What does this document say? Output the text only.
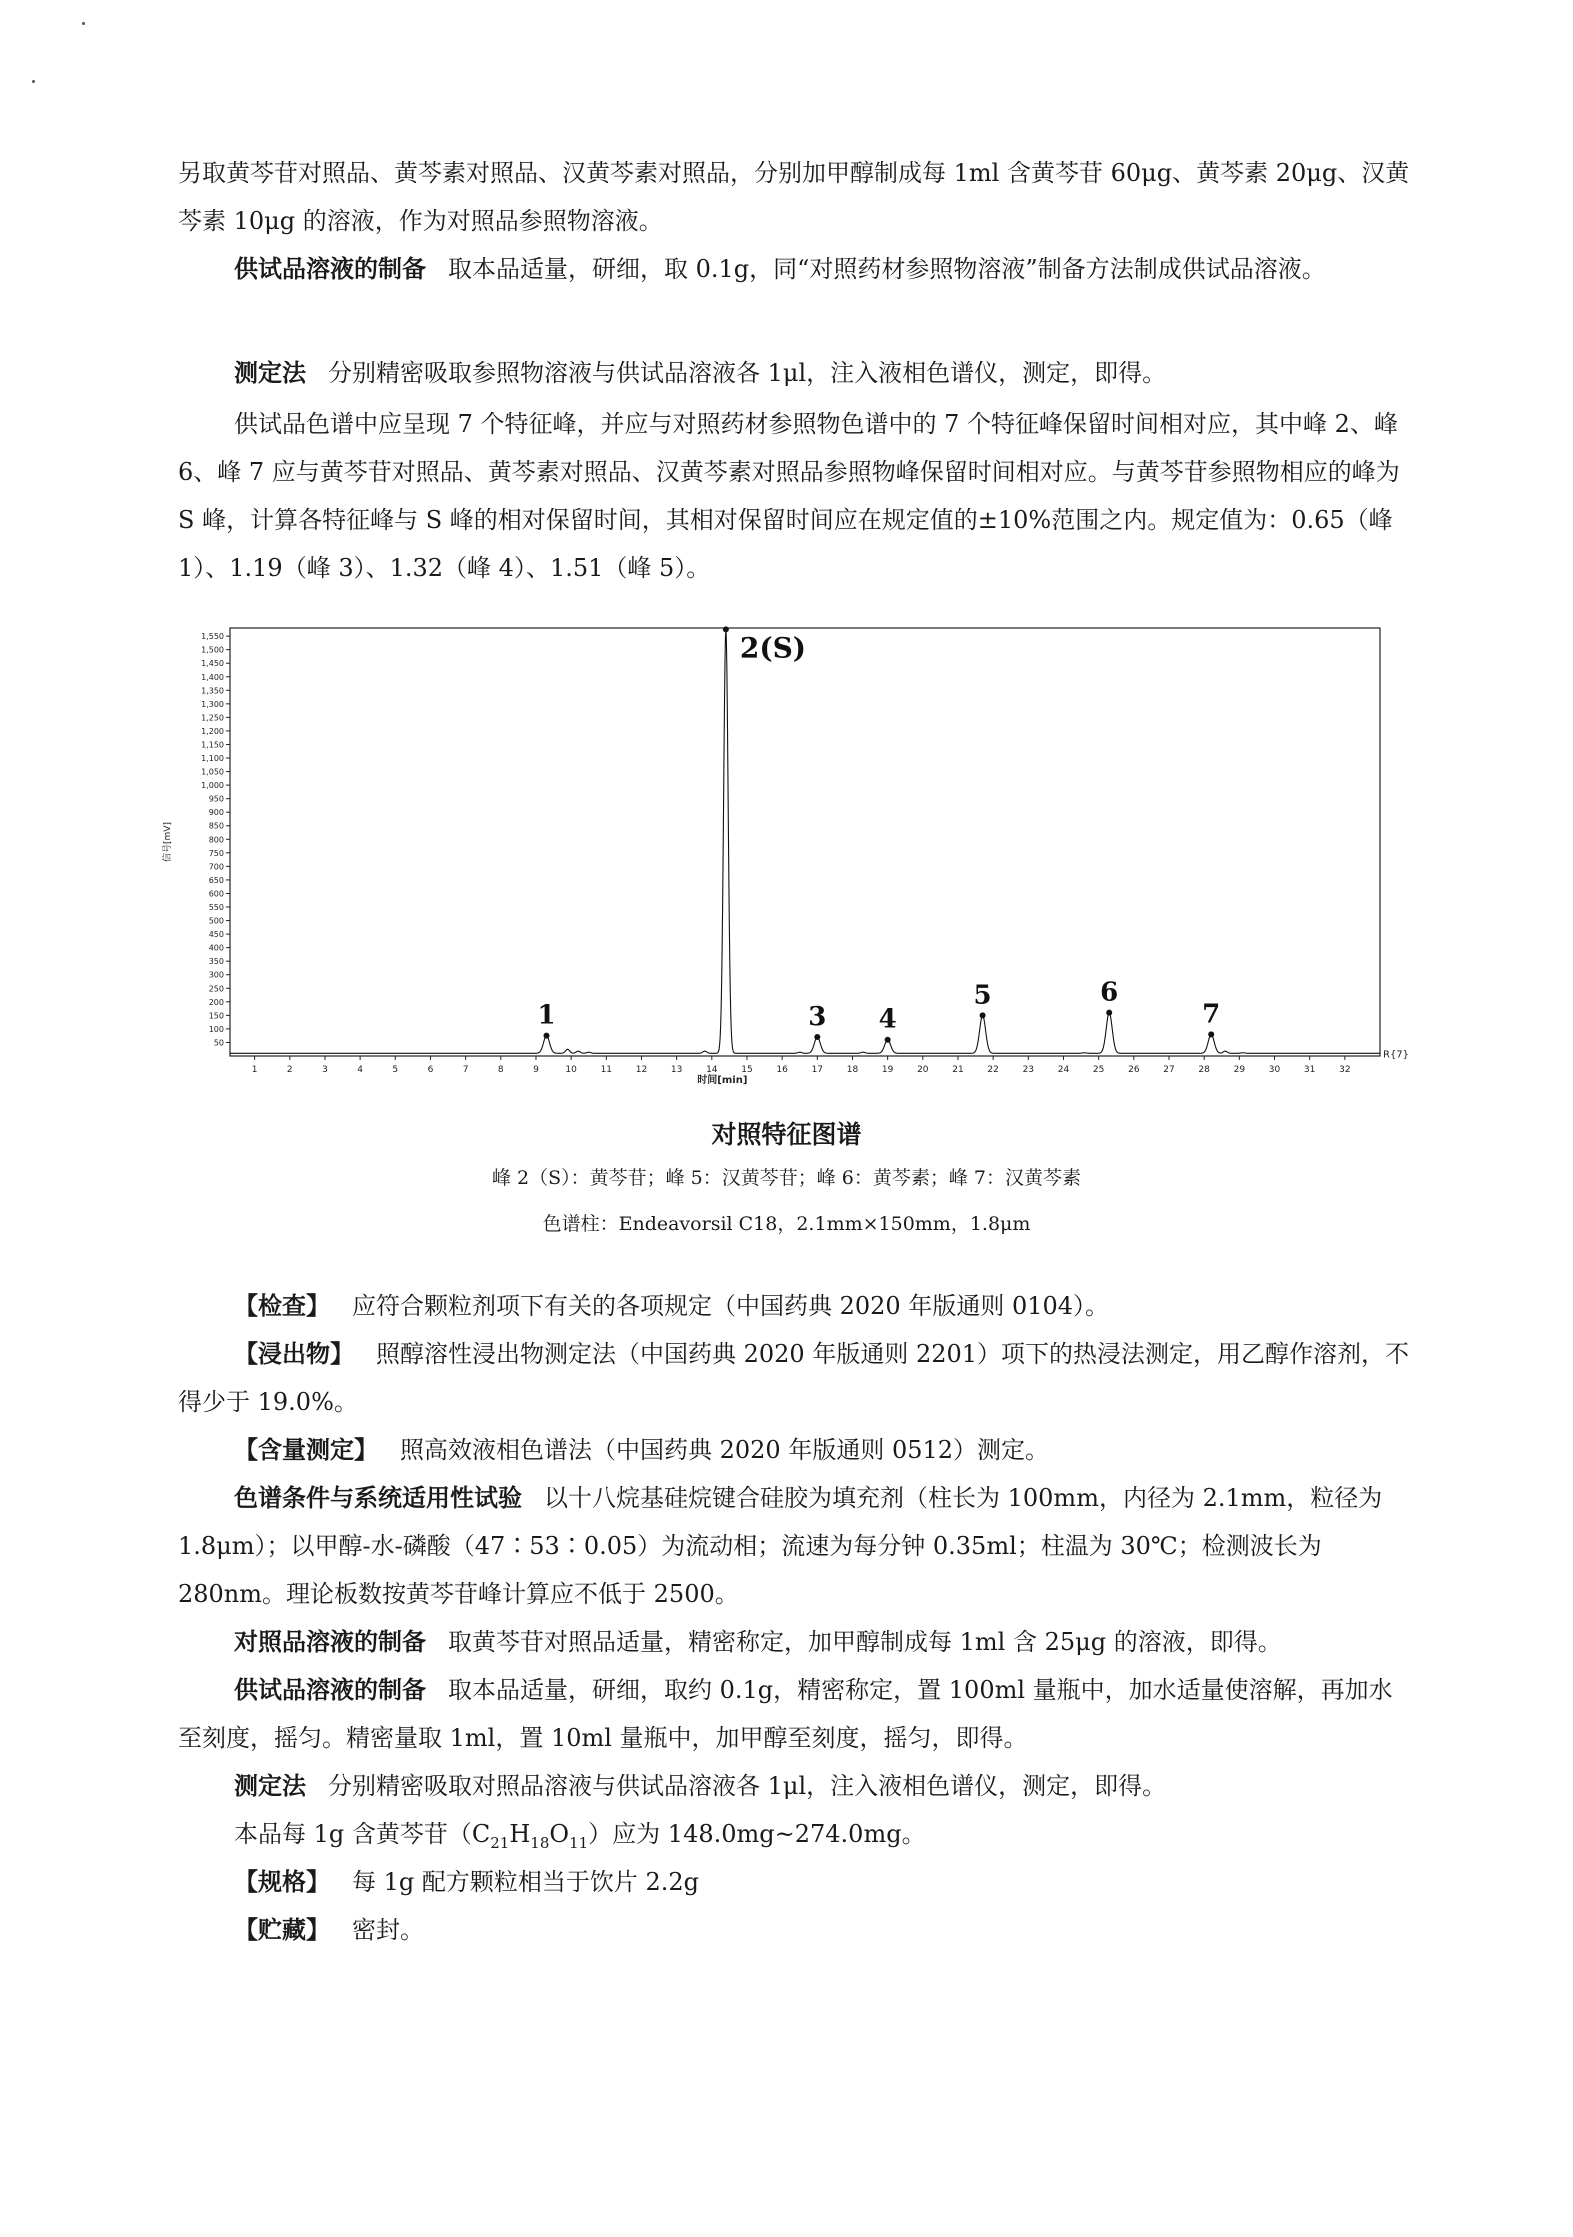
另取黄芩苷对照品、黄芩素对照品、汉黄芩素对照品，分别加甲醇制成每 1ml 含黄芩苷 60μg、黄芩素 20μg、汉黄芩素 10μg 的溶液，作为对照品参照物溶液。

供试品溶液的制备 取本品适量，研细，取 0.1g，同“对照药材参照物溶液”制备方法制成供试品溶液。

测定法 分别精密吸取参照物溶液与供试品溶液各 1μl，注入液相色谱仪，测定，即得。

供试品色谱中应呈现 7 个特征峰，并应与对照药材参照物色谱中的 7 个特征峰保留时间相对应，其中峰 2、峰 6、峰 7 应与黄芩苷对照品、黄芩素对照品、汉黄芩素对照品参照物峰保留时间相对应。与黄芩苷参照物相应的峰为 S 峰，计算各特征峰与 S 峰的相对保留时间，其相对保留时间应在规定值的±10%范围之内。规定值为：0.65（峰 1）、1.19（峰 3）、1.32（峰 4）、1.51（峰 5）。

50
100
150
200
250
300
350
400
450
500
550
600
650
700
750
800
850
900
950
1,000
1,050
1,100
1,150
1,200
1,250
1,300
1,350
1,400
1,450
1,500
1,550
信号[mV]
1	2	3	4	5	6	7	8	9	10	11	12	13	14	15	16	17	18	19	20	21	22	23	24	25	26	27	28	29	30	31	32
时间[min]
R{7}
1
2(S)
3 4
5	6
7

对照特征图谱

峰 2（S）：黄芩苷；峰 5：汉黄芩苷；峰 6：黄芩素；峰 7：汉黄芩素

色谱柱：Endeavorsil C18，2.1mm×150mm，1.8μm

【检查】 应符合颗粒剂项下有关的各项规定（中国药典 2020 年版通则 0104）。

【浸出物】 照醇溶性浸出物测定法（中国药典 2020 年版通则 2201）项下的热浸法测定，用乙醇作溶剂，不得少于 19.0%。

【含量测定】 照高效液相色谱法（中国药典 2020 年版通则 0512）测定。

色谱条件与系统适用性试验 以十八烷基硅烷键合硅胶为填充剂（柱长为 100mm，内径为 2.1mm，粒径为 1.8μm）；以甲醇-水-磷酸（47∶53∶0.05）为流动相；流速为每分钟 0.35ml；柱温为 30℃；检测波长为 280nm。理论板数按黄芩苷峰计算应不低于 2500。

对照品溶液的制备 取黄芩苷对照品适量，精密称定，加甲醇制成每 1ml 含 25μg 的溶液，即得。

供试品溶液的制备 取本品适量，研细，取约 0.1g，精密称定，置 100ml 量瓶中，加水适量使溶解，再加水至刻度，摇匀。精密量取 1ml，置 10ml 量瓶中，加甲醇至刻度，摇匀，即得。

测定法 分别精密吸取对照品溶液与供试品溶液各 1μl，注入液相色谱仪，测定，即得。

本品每 1g 含黄芩苷$(C_{21}H_{18}O_{11})$应为 148.0mg~274.0mg。

【规格】 每 1g 配方颗粒相当于饮片 2.2g

【贮藏】 密封。
